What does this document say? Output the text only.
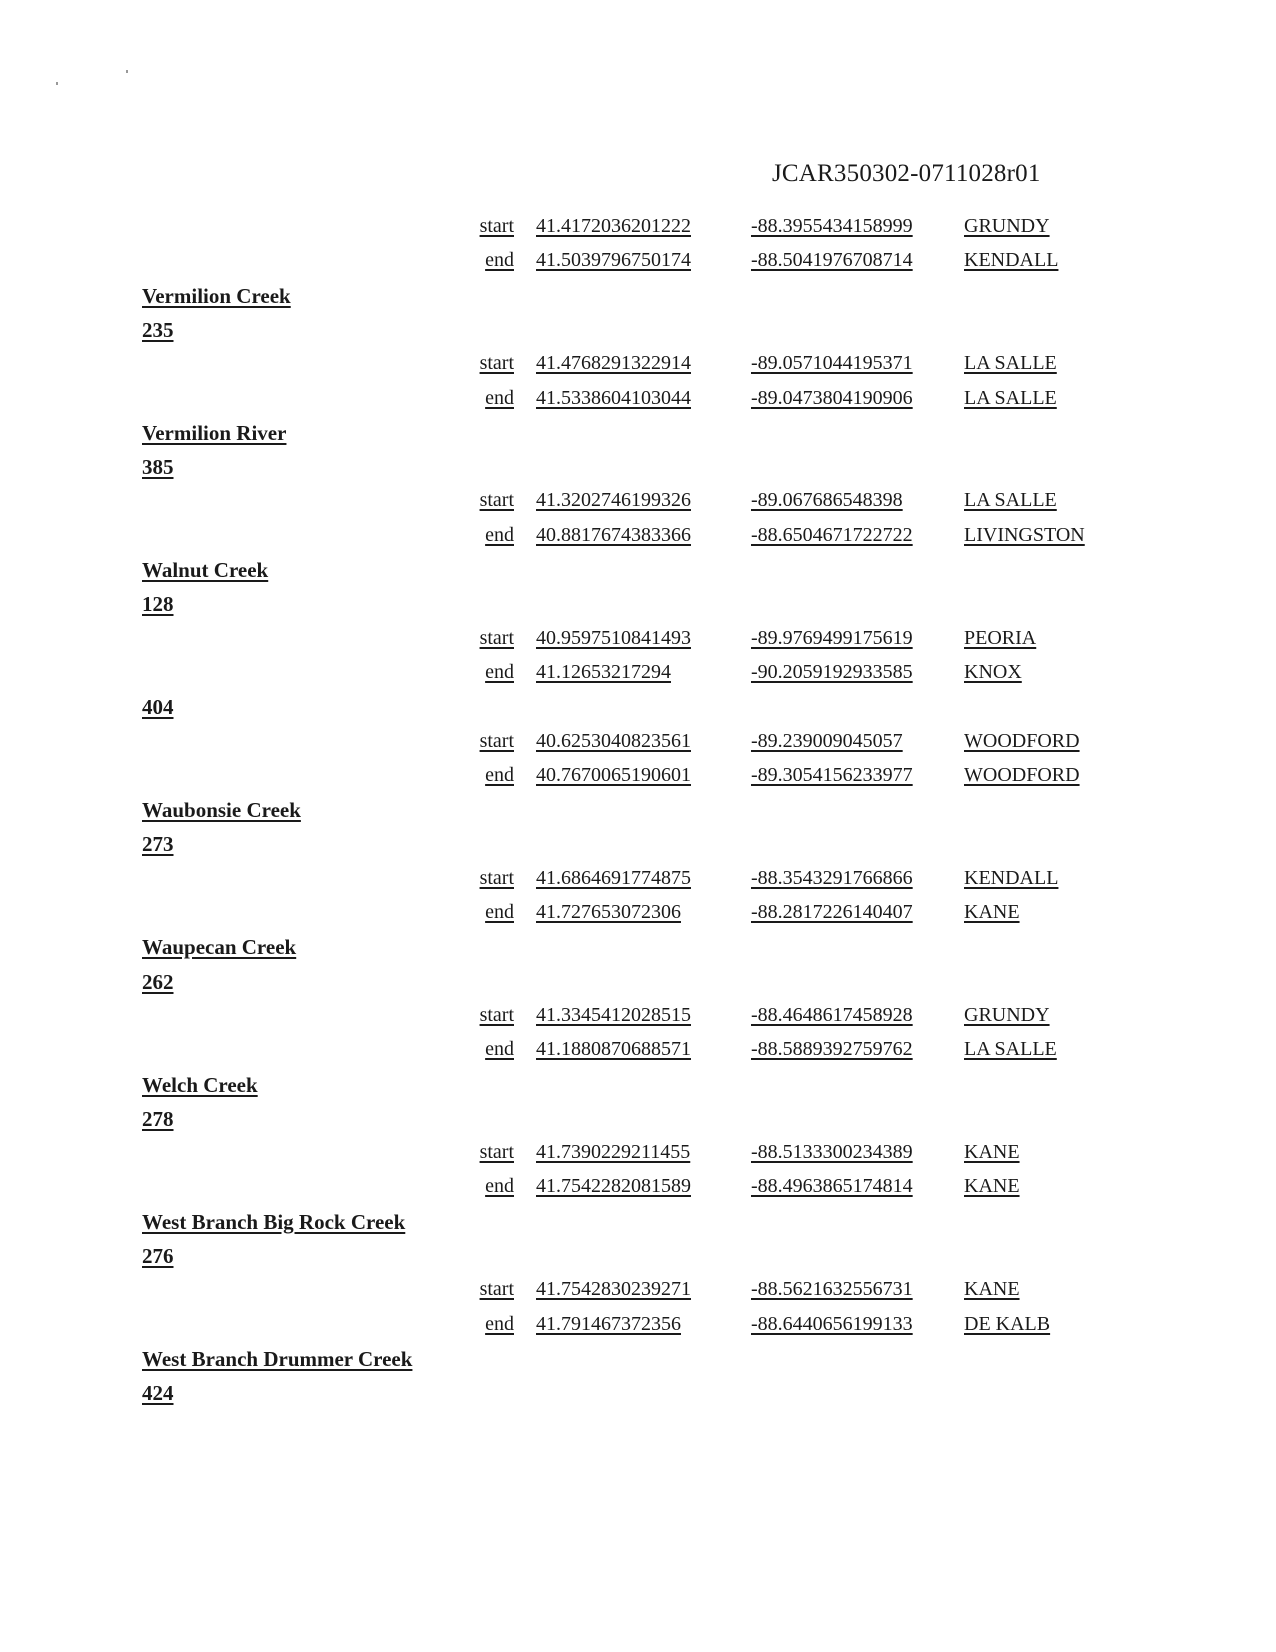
JCAR350302-0711028r01
start 41.4172036201222	-88.3955434158999	GRUNDY
end 41.5039796750174	-88.5041976708714	KENDALL
Vermilion Creek
235
start 41.4768291322914	-89.0571044195371	LA SALLE
end 41.5338604103044	-89.0473804190906	LA SALLE
Vermilion River
385
start 41.3202746199326	-89.067686548398	LA SALLE
end 40.8817674383366	-88.6504671722722	LIVINGSTON
Walnut Creek
128
start 40.9597510841493	-89.9769499175619	PEORIA
end 41.12653217294	-90.2059192933585	KNOX
404
start 40.6253040823561	-89.239009045057	WOODFORD
end 40.7670065190601	-89.3054156233977	WOODFORD
Waubonsie Creek
273
start 41.6864691774875	-88.3543291766866	KENDALL
end 41.727653072306	-88.2817226140407	KANE
Waupecan Creek
262
start 41.3345412028515	-88.4648617458928	GRUNDY
end 41.1880870688571	-88.5889392759762	LA SALLE
Welch Creek
278
start 41.7390229211455	-88.5133300234389	KANE
end 41.7542282081589	-88.4963865174814	KANE
West Branch Big Rock Creek
276
start 41.7542830239271	-88.5621632556731	KANE
end 41.791467372356	-88.6440656199133	DE KALB
West Branch Drummer Creek
424
